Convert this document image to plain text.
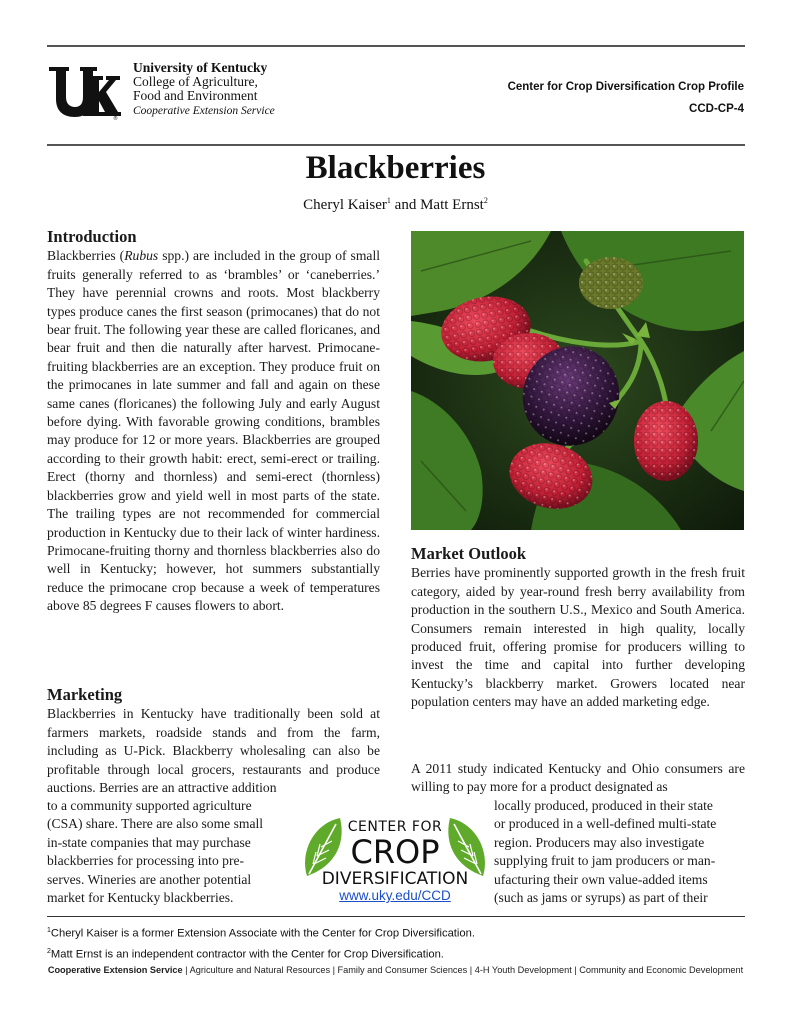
®
University of Kentucky
College of Agriculture,
Food and Environment
Cooperative Extension Service
Center for Crop Diversification Crop Profile
CCD-CP-4
Blackberries
Cheryl Kaiser$^1$ and Matt Ernst$^2$
Introduction

Blackberries (Rubus spp.) are included in the group of small fruits generally referred to as ‘brambles’ or ‘caneberries.’ They have perennial crowns and roots. Most blackberry types produce canes the first season (primocanes) that do not bear fruit. The following year these are called floricanes, and bear fruit and then die naturally after harvest. Primocane-fruiting blackberries are an exception. They produce fruit on the primocanes in late summer and fall and again on these same canes (floricanes) the following July and early August before dying. With favorable growing conditions, brambles may produce for 12 or more years. Blackberries are grouped according to their growth habit: erect, semi-erect or trailing. Erect (thorny and thornless) and semi-erect (thornless) blackberries grow and yield well in most parts of the state. The trailing types are not recommended for commercial production in Kentucky due to their lack of winter hardiness. Primocane-fruiting thorny and thornless blackberries also do well in Kentucky; however, hot summers substantially reduce the primocane crop because a week of temperatures above 85 degrees F causes flowers to abort.

Marketing

Blackberries in Kentucky have traditionally been sold at farmers markets, roadside stands and from the farm, including as U-Pick. Blackberry wholesaling can also be profitable through local grocers, restaurants and produce auctions. Berries are an attractive addition

to a community supported agriculture

(CSA) share. There are also some small

in-state companies that may purchase

blackberries for processing into pre-

serves. Wineries are another potential

market for Kentucky blackberries.

Market Outlook

Berries have prominently supported growth in the fresh fruit category, aided by year-round fresh berry availability from production in the southern U.S., Mexico and South America. Consumers remain interested in high quality, locally produced fruit, offering promise for producers willing to invest the time and capital into further developing Kentucky’s blackberry market. Growers located near population centers may have an added marketing edge.

A 2011 study indicated Kentucky and Ohio consumers are willing to pay more for a product designated as

locally produced, produced in their state

or produced in a well-defined multi-state

region. Producers may also investigate

supplying fruit to jam producers or man-

ufacturing their own value-added items

(such as jams or syrups) as part of their

CENTER FOR
CROP
DIVERSIFICATION
www.uky.edu/CCD
$^1$Cheryl Kaiser is a former Extension Associate with the Center for Crop Diversification.
$^2$Matt Ernst is an independent contractor with the Center for Crop Diversification.
Cooperative Extension Service | Agriculture and Natural Resources | Family and Consumer Sciences | 4-H Youth Development | Community and Economic Development
